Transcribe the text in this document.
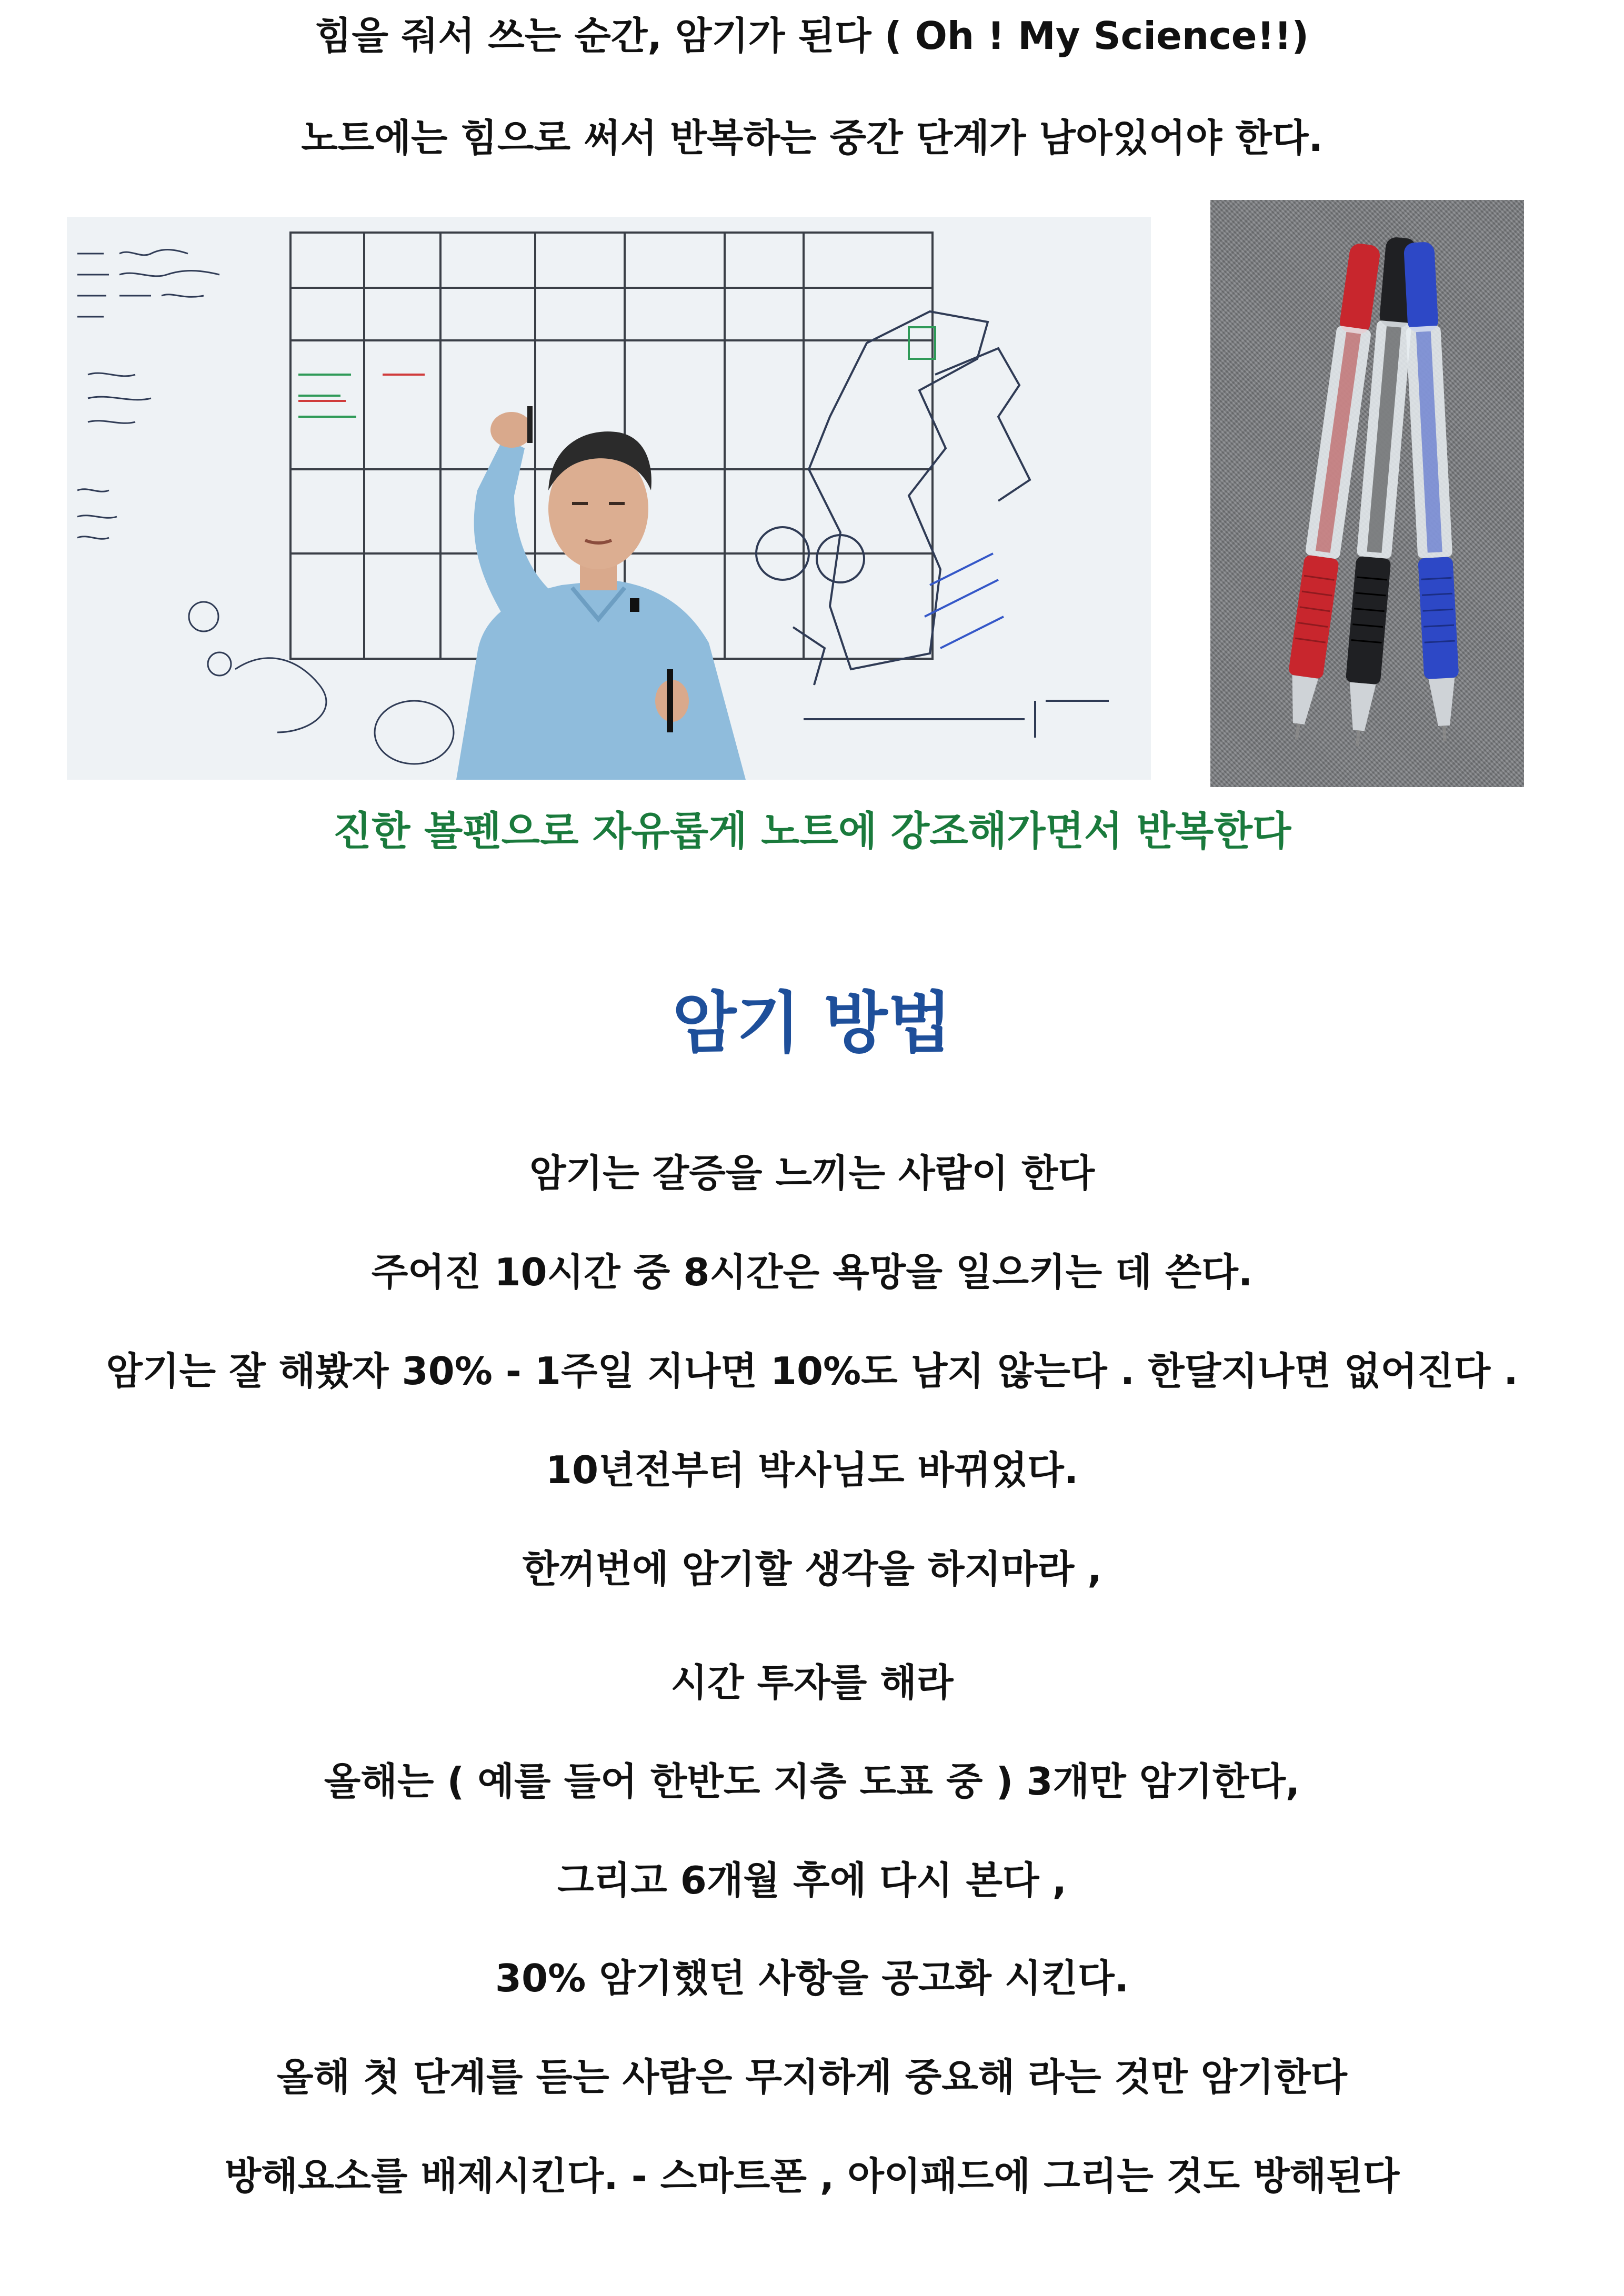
힘을 줘서 쓰는 순간, 암기가 된다 ( Oh ! My Science!!)
노트에는 힘으로 써서 반복하는 중간 단계가 남아있어야 한다.
진한 볼펜으로 자유롭게 노트에 강조해가면서 반복한다
암기 방법
암기는 갈증을 느끼는 사람이 한다
주어진 10시간 중 8시간은 욕망을 일으키는 데 쓴다.
암기는 잘 해봤자 30% - 1주일 지나면 10%도 남지 않는다 . 한달지나면 없어진다 .
10년전부터 박사님도 바뀌었다.
한꺼번에 암기할 생각을 하지마라 ,
시간 투자를 해라
올해는 ( 예를 들어 한반도 지층 도표 중 ) 3개만 암기한다,
그리고 6개월 후에 다시 본다 ,
30% 암기했던 사항을 공고화 시킨다.
올해 첫 단계를 듣는 사람은 무지하게 중요해 라는 것만 암기한다
방해요소를 배제시킨다. - 스마트폰 , 아이패드에 그리는 것도 방해된다
